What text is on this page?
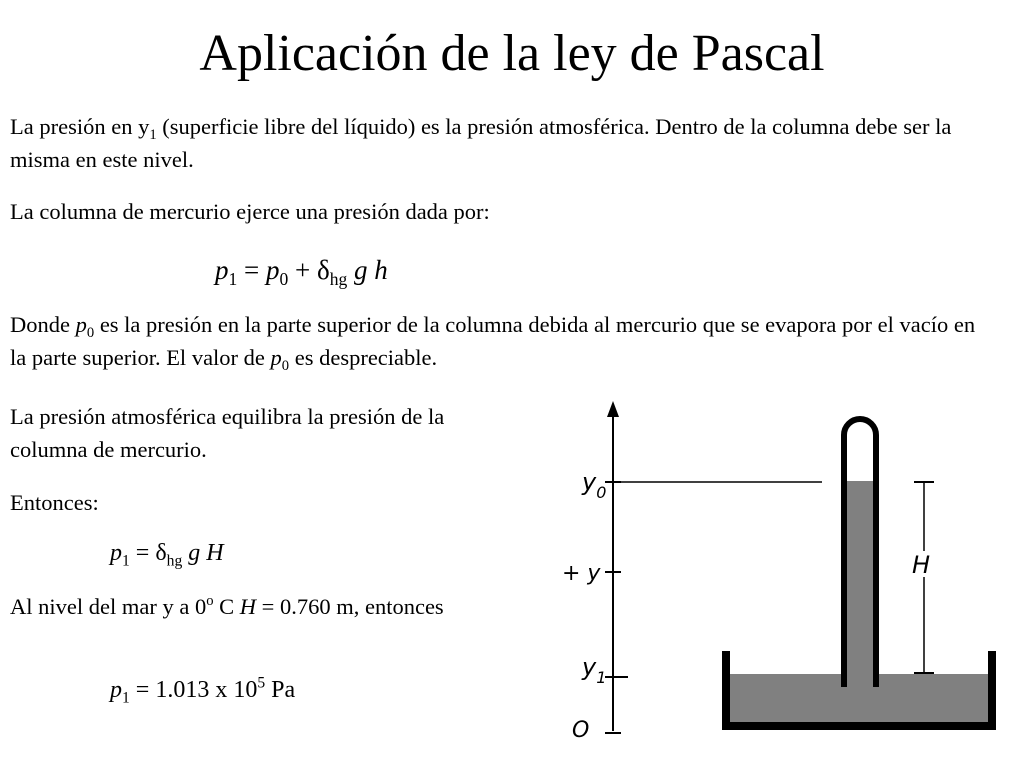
Aplicación de la ley de Pascal
La presión en $y_1$ (superficie libre del líquido) es la presión atmosférica. Dentro de la columna debe ser la misma en este nivel.
La columna de mercurio ejerce una presión dada por:
$p_1 = p_0 + \delta_{hg}$ g h
Donde $p_0$ es la presión en la parte superior de la columna debida al mercurio que se evapora por el vacío en la parte superior. El valor de $p_0$ es despreciable.
La presión atmosférica equilibra la presión de la columna de mercurio.
Entonces:
$p_1 = \delta_{hg}$ g H
Al nivel del mar y a 0$^o$ C H = 0.760 m, entonces
$p_1 = 1.013$ x $10^5$ Pa
$y_0$
+ y
$y_1$
O
H
